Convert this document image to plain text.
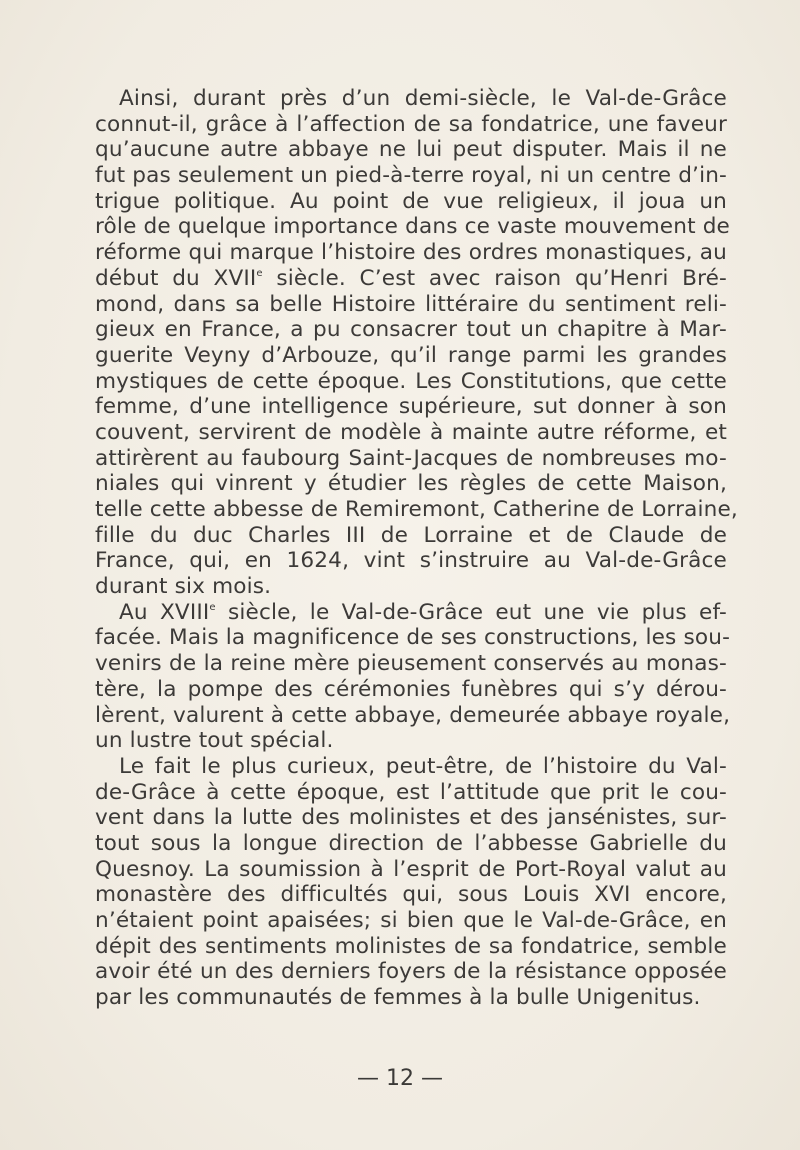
Ainsi, durant près d’un demi-siècle, le Val-de-Grâce
connut-il, grâce à l’affection de sa fondatrice, une faveur
qu’aucune autre abbaye ne lui peut disputer. Mais il ne
fut pas seulement un pied-à-terre royal, ni un centre d’in-
trigue politique. Au point de vue religieux, il joua un
rôle de quelque importance dans ce vaste mouvement de
réforme qui marque l’histoire des ordres monastiques, au
début du XVIIe siècle. C’est avec raison qu’Henri Bré-
mond, dans sa belle Histoire littéraire du sentiment reli-
gieux en France, a pu consacrer tout un chapitre à Mar-
guerite Veyny d’Arbouze, qu’il range parmi les grandes
mystiques de cette époque. Les Constitutions, que cette
femme, d’une intelligence supérieure, sut donner à son
couvent, servirent de modèle à mainte autre réforme, et
attirèrent au faubourg Saint-Jacques de nombreuses mo-
niales qui vinrent y étudier les règles de cette Maison,
telle cette abbesse de Remiremont, Catherine de Lorraine,
fille du duc Charles III de Lorraine et de Claude de
France, qui, en 1624, vint s’instruire au Val-de-Grâce
durant six mois.
Au XVIIIe siècle, le Val-de-Grâce eut une vie plus ef-
facée. Mais la magnificence de ses constructions, les sou-
venirs de la reine mère pieusement conservés au monas-
tère, la pompe des cérémonies funèbres qui s’y dérou-
lèrent, valurent à cette abbaye, demeurée abbaye royale,
un lustre tout spécial.
Le fait le plus curieux, peut-être, de l’histoire du Val-
de-Grâce à cette époque, est l’attitude que prit le cou-
vent dans la lutte des molinistes et des jansénistes, sur-
tout sous la longue direction de l’abbesse Gabrielle du
Quesnoy. La soumission à l’esprit de Port-Royal valut au
monastère des difficultés qui, sous Louis XVI encore,
n’étaient point apaisées; si bien que le Val-de-Grâce, en
dépit des sentiments molinistes de sa fondatrice, semble
avoir été un des derniers foyers de la résistance opposée
par les communautés de femmes à la bulle Unigenitus.
— 12 —
